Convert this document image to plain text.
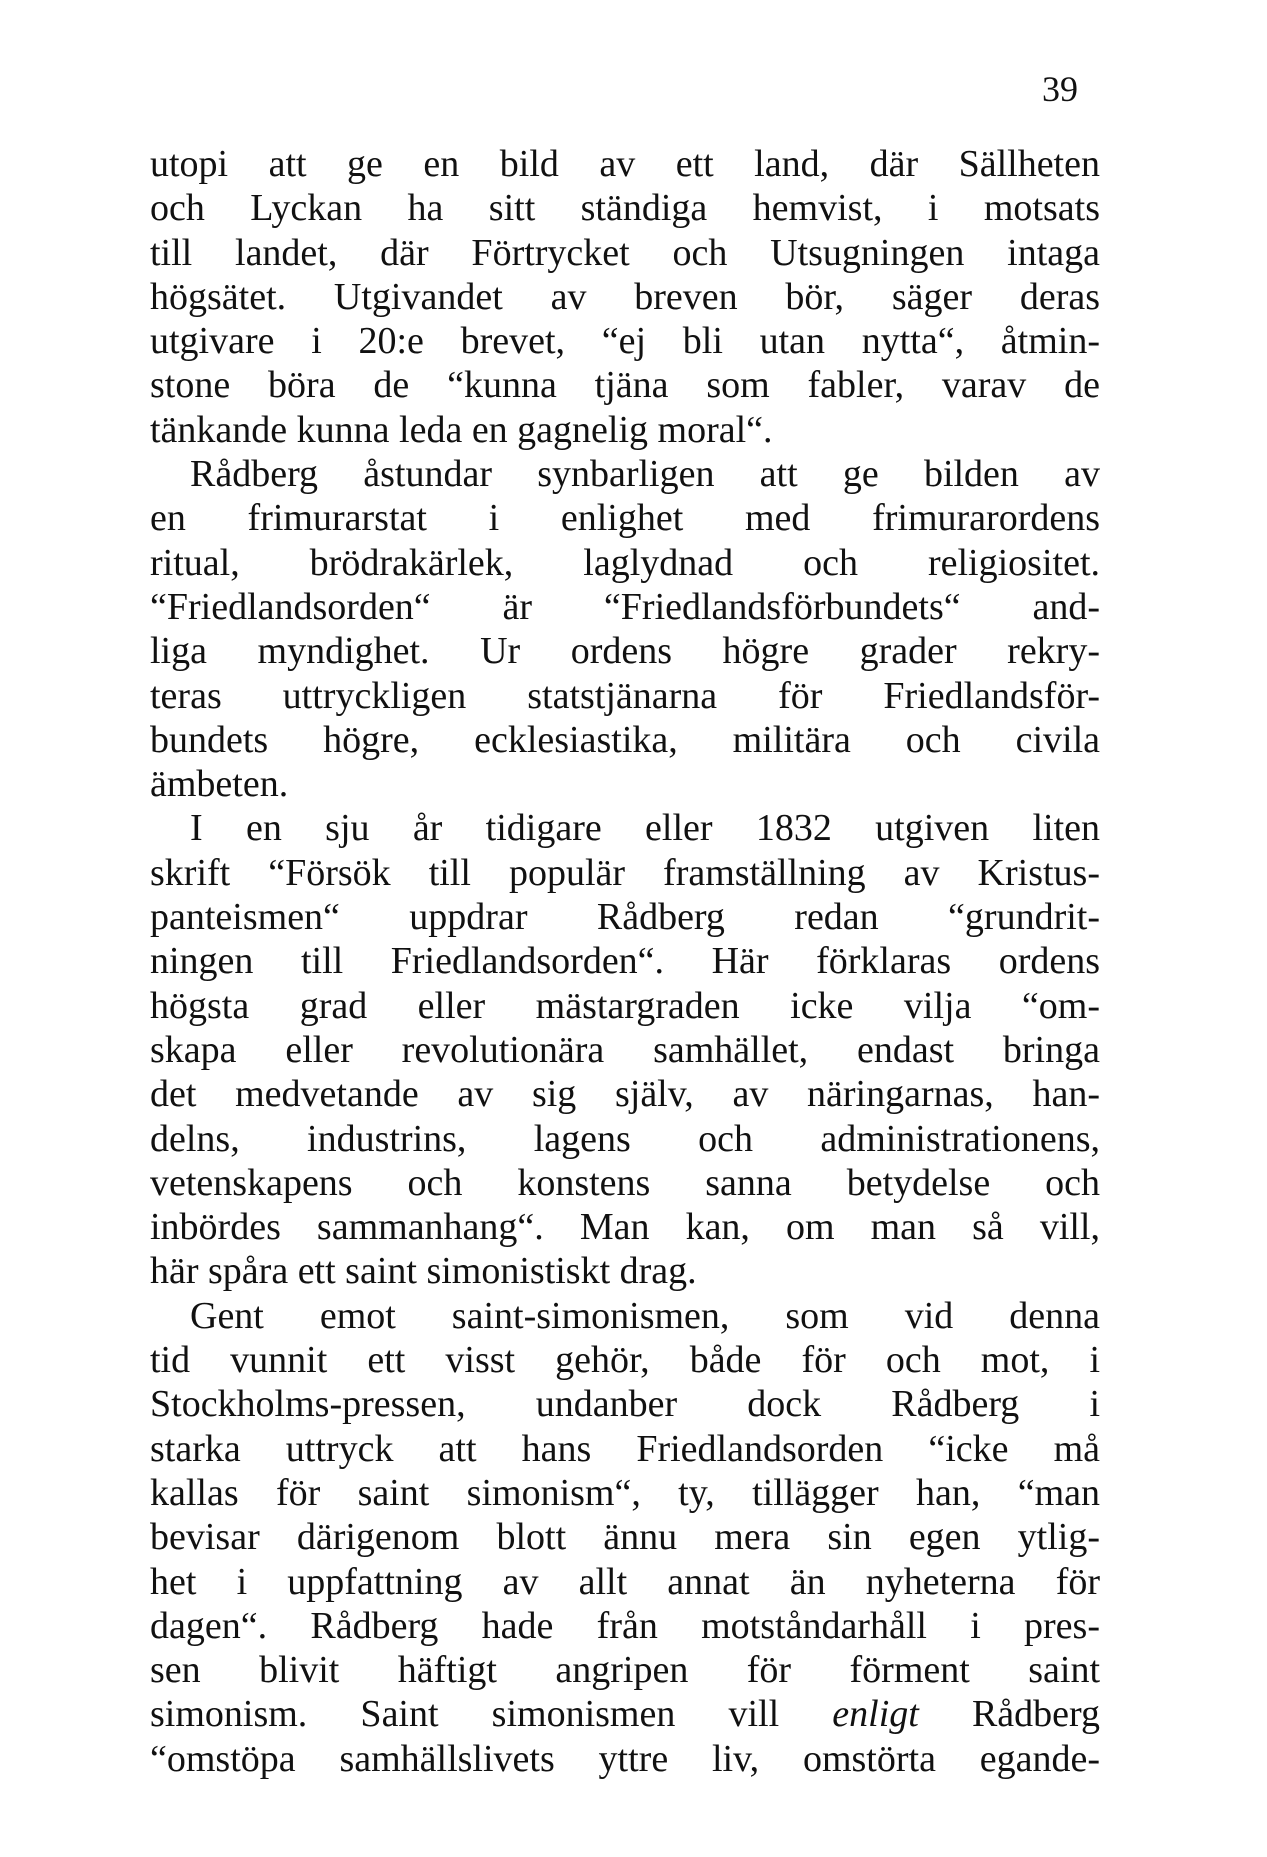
39
utopi att ge en bild av ett land, där Sällheten
och Lyckan ha sitt ständiga hemvist, i motsats
till landet, där Förtrycket och Utsugningen intaga
högsätet. Utgivandet av breven bör, säger deras
utgivare i 20:e brevet, “ej bli utan nytta“, åtmin-
stone böra de “kunna tjäna som fabler, varav de
tänkande kunna leda en gagnelig moral“.
Rådberg åstundar synbarligen att ge bilden av
en frimurarstat i enlighet med frimurarordens
ritual, brödrakärlek, laglydnad och religiositet.
“Friedlandsorden“ är “Friedlandsförbundets“ and-
liga myndighet. Ur ordens högre grader rekry-
teras uttryckligen statstjänarna för Friedlandsför-
bundets högre, ecklesiastika, militära och civila
ämbeten.
I en sju år tidigare eller 1832 utgiven liten
skrift “Försök till populär framställning av Kristus-
panteismen“ uppdrar Rådberg redan “grundrit-
ningen till Friedlandsorden“. Här förklaras ordens
högsta grad eller mästargraden icke vilja “om-
skapa eller revolutionära samhället, endast bringa
det medvetande av sig själv, av näringarnas, han-
delns, industrins, lagens och administrationens,
vetenskapens och konstens sanna betydelse och
inbördes sammanhang“. Man kan, om man så vill,
här spåra ett saint simonistiskt drag.
Gent emot saint-simonismen, som vid denna
tid vunnit ett visst gehör, både för och mot, i
Stockholms-pressen, undanber dock Rådberg i
starka uttryck att hans Friedlandsorden “icke må
kallas för saint simonism“, ty, tillägger han, “man
bevisar därigenom blott ännu mera sin egen ytlig-
het i uppfattning av allt annat än nyheterna för
dagen“. Rådberg hade från motståndarhåll i pres-
sen blivit häftigt angripen för förment saint
simonism. Saint simonismen vill enligt Rådberg
“omstöpa samhällslivets yttre liv, omstörta egande-
